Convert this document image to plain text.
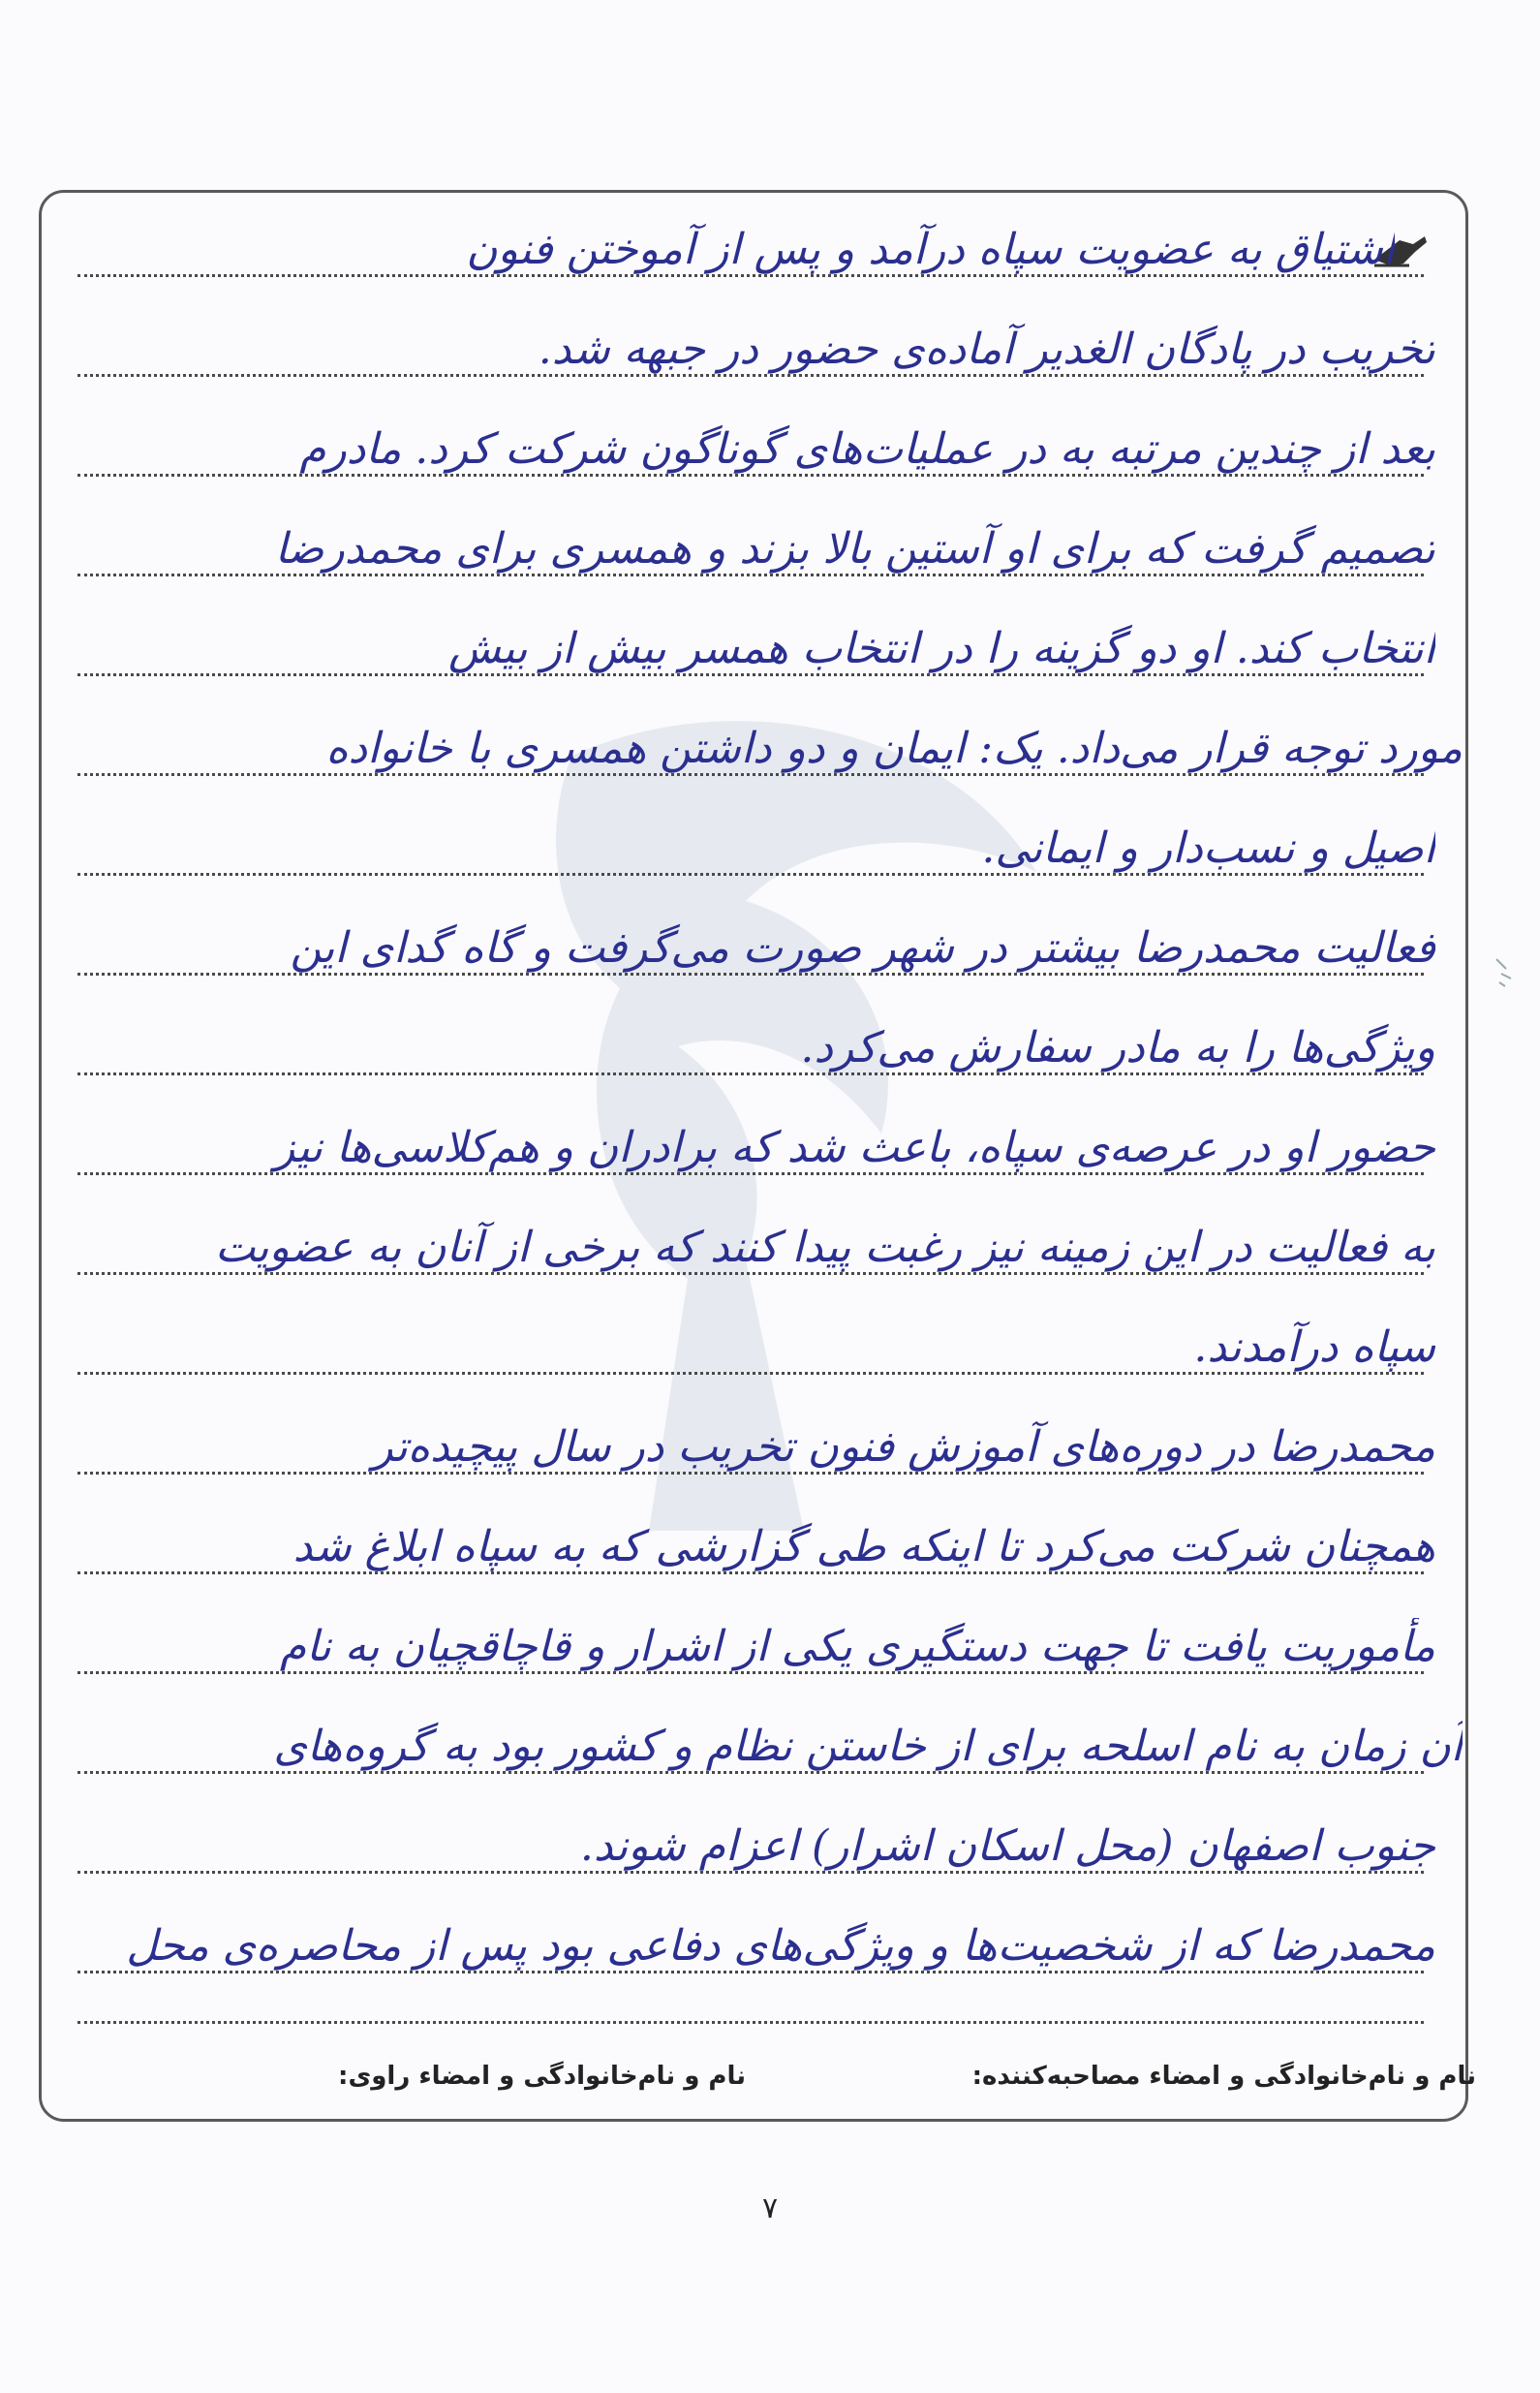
اشتیاق به عضویت سپاه درآمد و پس از آموختن فنون
تخریب در پادگان الغدیر آماده‌ی حضور در جبهه شد.
بعد از چندین مرتبه به در عملیات‌های گوناگون شرکت کرد. مادرم
تصمیم گرفت که برای او آستین بالا بزند و همسری برای محمدرضا
انتخاب کند. او دو گزینه را در انتخاب همسر بیش از بیش
مورد توجه قرار می‌داد. یک: ایمان و دو داشتن همسری با خانواده
اصیل و نسب‌دار و ایمانی.
فعالیت محمدرضا بیشتر در شهر صورت می‌گرفت و گاه گدای این
ویژگی‌ها را به مادر سفارش می‌کرد.
حضور او در عرصه‌ی سپاه، باعث شد که برادران و هم‌کلاسی‌ها نیز
به فعالیت در این زمینه نیز رغبت پیدا کنند که برخی از آنان به عضویت
سپاه درآمدند.
محمدرضا در دوره‌های آموزش فنون تخریب در سال پیچیده‌تر
همچنان شرکت می‌کرد تا اینکه طی گزارشی که به سپاه ابلاغ شد
مأموریت یافت تا جهت دستگیری یکی از اشرار و قاچاقچیان به نام
آن زمان به نام اسلحه برای از خاستن نظام و کشور بود به گروه‌های
جنوب اصفهان (محل اسکان اشرار) اعزام شوند.
محمدرضا که از شخصیت‌ها و ویژگی‌های دفاعی بود پس از محاصره‌ی محل
نام و نام‌خانوادگی و امضاء مصاحبه‌کننده:
نام و نام‌خانوادگی و امضاء راوی:
۷
